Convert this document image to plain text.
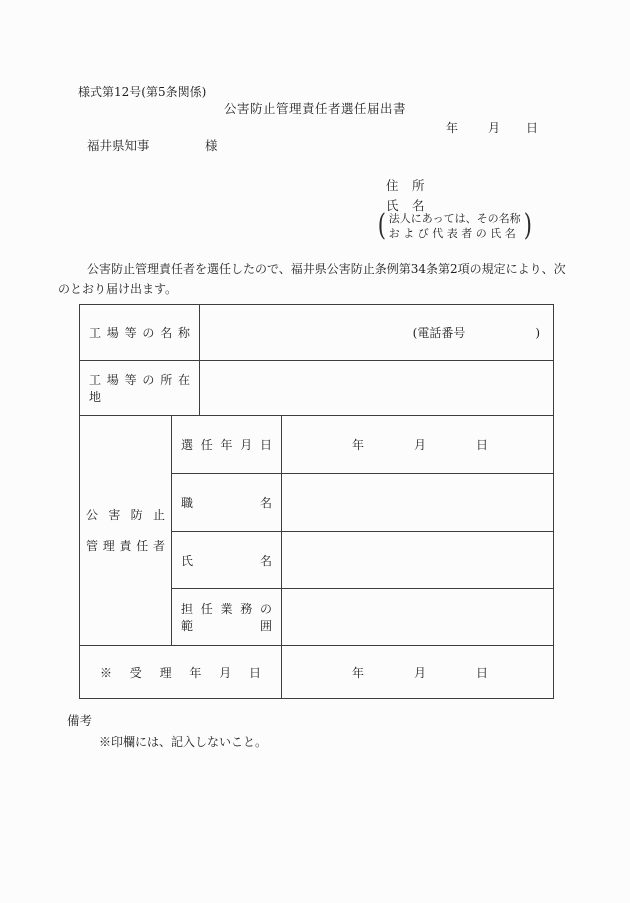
様式第12号(第5条関係)
公害防止管理責任者選任届出書
年 月 日
福井県知事	様
住　所
氏　名
( 法人にあっては、その名称
お よ び 代 表 者 の 氏 名 )
公害防止管理責任者を選任したので、福井県公害防止条例第34条第2項の規定により、次
のとおり届け出ます。
工 場 等 の 名 称		(電話番号 )	

工 場 等 の 所 在 地			

公 害 防 止
管 理 責 任 者
	選 任 年 月 日	年	月	日

	職 名		
	氏 名		
	担 任 業 務 の 範 囲		
※ 受 理 年 月 日			年 月 日
備考
※印欄には、記入しないこと。
